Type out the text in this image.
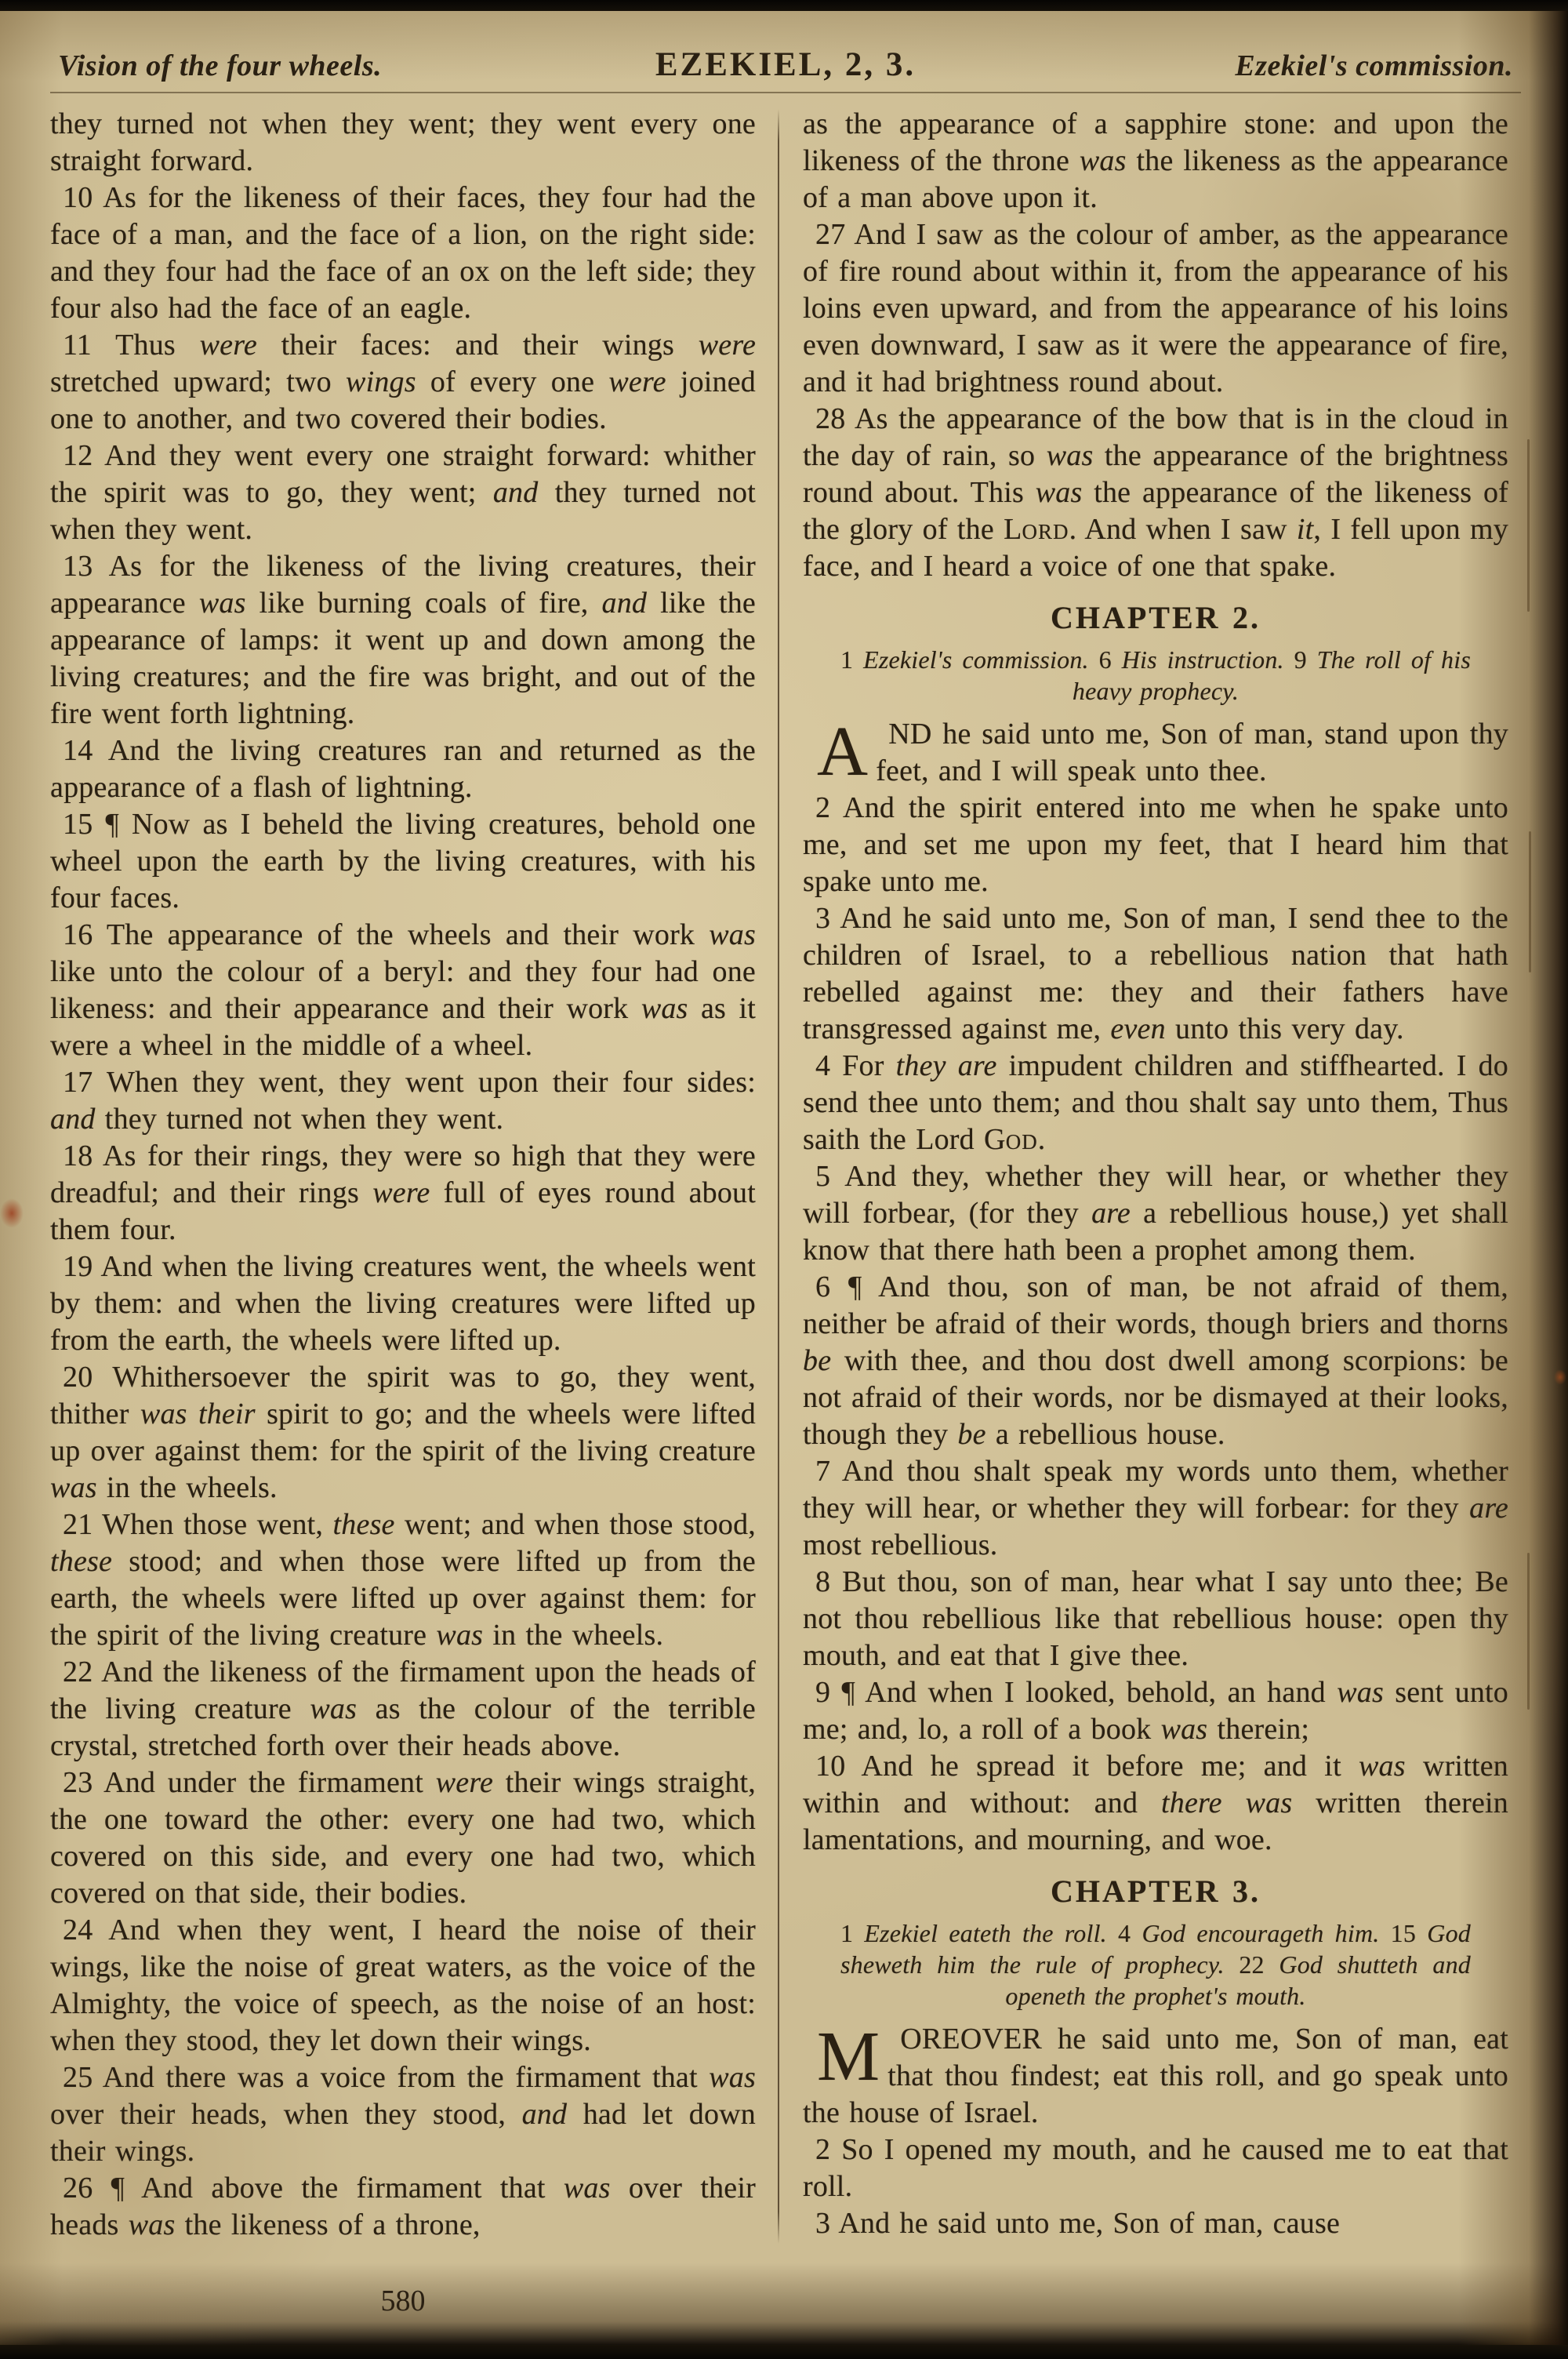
Vision of the four wheels.	EZEKIEL, 2, 3.	Ezekiel's commission.

they turned not when they went; they went every one straight forward.

10 As for the likeness of their faces, they four had the face of a man, and the face of a lion, on the right side: and they four had the face of an ox on the left side; they four also had the face of an eagle.

11 Thus were their faces: and their wings were stretched upward; two wings of every one were joined one to another, and two covered their bodies.

12 And they went every one straight forward: whither the spirit was to go, they went; and they turned not when they went.

13 As for the likeness of the living creatures, their appearance was like burning coals of fire, and like the appearance of lamps: it went up and down among the living creatures; and the fire was bright, and out of the fire went forth lightning.

14 And the living creatures ran and returned as the appearance of a flash of lightning.

15 ¶ Now as I beheld the living creatures, behold one wheel upon the earth by the living creatures, with his four faces.

16 The appearance of the wheels and their work was like unto the colour of a beryl: and they four had one likeness: and their appearance and their work was as it were a wheel in the middle of a wheel.

17 When they went, they went upon their four sides: and they turned not when they went.

18 As for their rings, they were so high that they were dreadful; and their rings were full of eyes round about them four.

19 And when the living creatures went, the wheels went by them: and when the living creatures were lifted up from the earth, the wheels were lifted up.

20 Whithersoever the spirit was to go, they went, thither was their spirit to go; and the wheels were lifted up over against them: for the spirit of the living creature was in the wheels.

21 When those went, these went; and when those stood, these stood; and when those were lifted up from the earth, the wheels were lifted up over against them: for the spirit of the living creature was in the wheels.

22 And the likeness of the firmament upon the heads of the living creature was as the colour of the terrible crystal, stretched forth over their heads above.

23 And under the firmament were their wings straight, the one toward the other: every one had two, which covered on this side, and every one had two, which covered on that side, their bodies.

24 And when they went, I heard the noise of their wings, like the noise of great waters, as the voice of the Almighty, the voice of speech, as the noise of an host: when they stood, they let down their wings.

25 And there was a voice from the firmament that was over their heads, when they stood, and had let down their wings.

26 ¶ And above the firmament that was over their heads was the likeness of a throne,

as the appearance of a sapphire stone: and upon the likeness of the throne was the likeness as the appearance of a man above upon it.

27 And I saw as the colour of amber, as the appearance of fire round about within it, from the appearance of his loins even upward, and from the appearance of his loins even downward, I saw as it were the appearance of fire, and it had brightness round about.

28 As the appearance of the bow that is in the cloud in the day of rain, so was the appearance of the brightness round about. This was the appearance of the likeness of the glory of the Lord. And when I saw it, I fell upon my face, and I heard a voice of one that spake.

CHAPTER 2.
1 Ezekiel's commission. 6 His instruction. 9 The roll of his heavy prophecy.

AND he said unto me, Son of man, stand upon thy feet, and I will speak unto thee.

2 And the spirit entered into me when he spake unto me, and set me upon my feet, that I heard him that spake unto me.

3 And he said unto me, Son of man, I send thee to the children of Israel, to a rebellious nation that hath rebelled against me: they and their fathers have transgressed against me, even unto this very day.

4 For they are impudent children and stiffhearted. I do send thee unto them; and thou shalt say unto them, Thus saith the Lord God.

5 And they, whether they will hear, or whether they will forbear, (for they are a rebellious house,) yet shall know that there hath been a prophet among them.

6 ¶ And thou, son of man, be not afraid of them, neither be afraid of their words, though briers and thorns be with thee, and thou dost dwell among scorpions: be not afraid of their words, nor be dismayed at their looks, though they be a rebellious house.

7 And thou shalt speak my words unto them, whether they will hear, or whether they will forbear: for they are most rebellious.

8 But thou, son of man, hear what I say unto thee; Be not thou rebellious like that rebellious house: open thy mouth, and eat that I give thee.

9 ¶ And when I looked, behold, an hand was sent unto me; and, lo, a roll of a book was therein;

10 And he spread it before me; and it was written within and without: and there was written therein lamentations, and mourning, and woe.

CHAPTER 3.
1 Ezekiel eateth the roll. 4 God encourageth him. 15 God sheweth him the rule of prophecy. 22 God shutteth and openeth the prophet's mouth.

MOREOVER he said unto me, Son of man, eat that thou findest; eat this roll, and go speak unto the house of Israel.

2 So I opened my mouth, and he caused me to eat that roll.

3 And he said unto me, Son of man, cause

580
